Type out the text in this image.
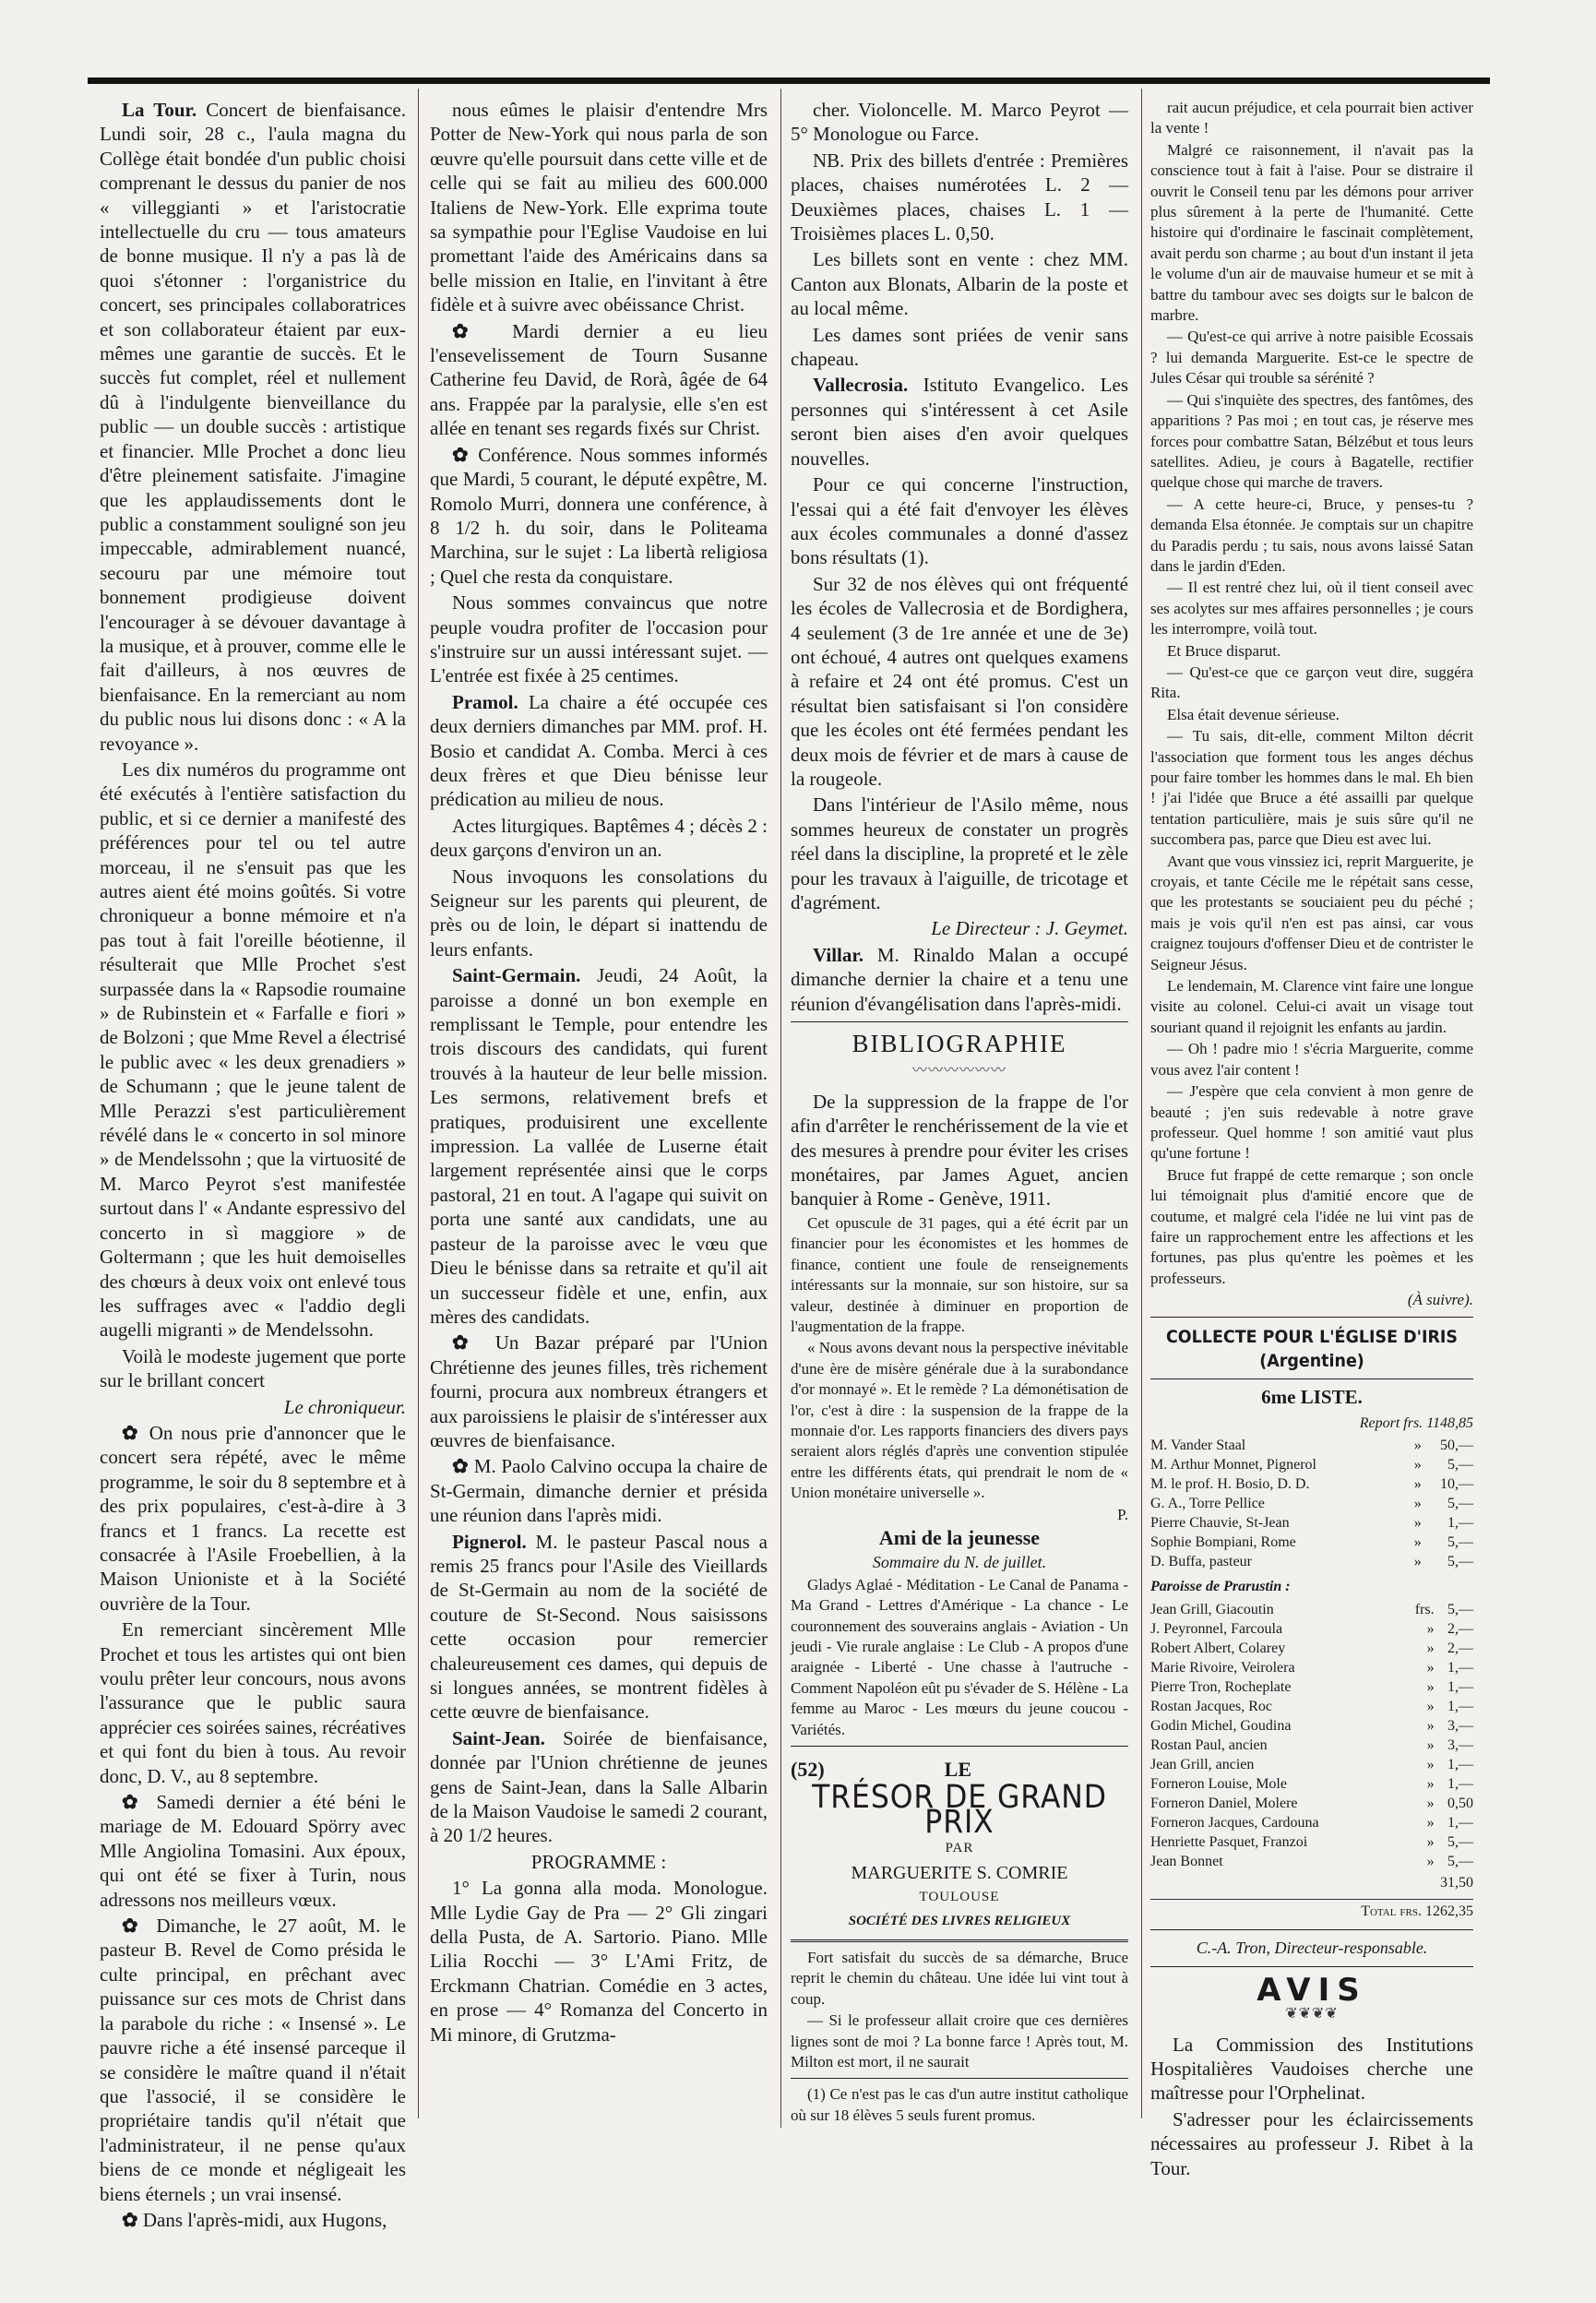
La Tour. Concert de bienfaisance. Lundi soir, 28 c., l'aula magna du Collège était bondée d'un public choisi comprenant le dessus du panier de nos « villeggianti » et l'aristocratie intellectuelle du cru — tous amateurs de bonne musique. Il n'y a pas là de quoi s'étonner : l'organistrice du concert, ses principales collaboratrices et son collaborateur étaient par eux-mêmes une garantie de succès. Et le succès fut complet, réel et nullement dû à l'indulgente bienveillance du public — un double succès : artistique et financier. Mlle Prochet a donc lieu d'être pleinement satisfaite. J'imagine que les applaudissements dont le public a constamment souligné son jeu impeccable, admirablement nuancé, secouru par une mémoire tout bonnement prodigieuse doivent l'encourager à se dévouer davantage à la musique, et à prouver, comme elle le fait d'ailleurs, à nos œuvres de bienfaisance. En la remerciant au nom du public nous lui disons donc : « A la revoyance ».

Les dix numéros du programme ont été exécutés à l'entière satisfaction du public, et si ce dernier a manifesté des préférences pour tel ou tel autre morceau, il ne s'ensuit pas que les autres aient été moins goûtés. Si votre chroniqueur a bonne mémoire et n'a pas tout à fait l'oreille béotienne, il résulterait que Mlle Prochet s'est surpassée dans la « Rapsodie roumaine » de Rubinstein et « Farfalle e fiori » de Bolzoni ; que Mme Revel a électrisé le public avec « les deux grenadiers » de Schumann ; que le jeune talent de Mlle Perazzi s'est particulièrement révélé dans le « concerto in sol minore » de Mendelssohn ; que la virtuosité de M. Marco Peyrot s'est manifestée surtout dans l' « Andante espressivo del concerto in sì maggiore » de Goltermann ; que les huit demoiselles des chœurs à deux voix ont enlevé tous les suffrages avec « l'addio degli augelli migranti » de Mendelssohn.

Voilà le modeste jugement que porte sur le brillant concert

Le chroniqueur.

✿ On nous prie d'annoncer que le concert sera répété, avec le même programme, le soir du 8 septembre et à des prix populaires, c'est-à-dire à 3 francs et 1 francs. La recette est consacrée à l'Asile Froebellien, à la Maison Unioniste et à la Société ouvrière de la Tour.

En remerciant sincèrement Mlle Prochet et tous les artistes qui ont bien voulu prêter leur concours, nous avons l'assurance que le public saura apprécier ces soirées saines, récréatives et qui font du bien à tous. Au revoir donc, D. V., au 8 septembre.

✿ Samedi dernier a été béni le mariage de M. Edouard Spörry avec Mlle Angiolina Tomasini. Aux époux, qui ont été se fixer à Turin, nous adressons nos meilleurs vœux.

✿ Dimanche, le 27 août, M. le pasteur B. Revel de Como présida le culte principal, en prêchant avec puissance sur ces mots de Christ dans la parabole du riche : « Insensé ». Le pauvre riche a été insensé parceque il se considère le maître quand il n'était que l'associé, il se considère le propriétaire tandis qu'il n'était que l'administrateur, il ne pense qu'aux biens de ce monde et négligeait les biens éternels ; un vrai insensé.

✿ Dans l'après-midi, aux Hugons,

nous eûmes le plaisir d'entendre Mrs Potter de New-York qui nous parla de son œuvre qu'elle poursuit dans cette ville et de celle qui se fait au milieu des 600.000 Italiens de New-York. Elle exprima toute sa sympathie pour l'Eglise Vaudoise en lui promettant l'aide des Américains dans sa belle mission en Italie, en l'invitant à être fidèle et à suivre avec obéissance Christ.

✿ Mardi dernier a eu lieu l'ensevelissement de Tourn Susanne Catherine feu David, de Rorà, âgée de 64 ans. Frappée par la paralysie, elle s'en est allée en tenant ses regards fixés sur Christ.

✿ Conférence. Nous sommes informés que Mardi, 5 courant, le député expêtre, M. Romolo Murri, donnera une conférence, à 8 1/2 h. du soir, dans le Politeama Marchina, sur le sujet : La libertà religiosa ; Quel che resta da conquistare.

Nous sommes convaincus que notre peuple voudra profiter de l'occasion pour s'instruire sur un aussi intéressant sujet. — L'entrée est fixée à 25 centimes.

Pramol. La chaire a été occupée ces deux derniers dimanches par MM. prof. H. Bosio et candidat A. Comba. Merci à ces deux frères et que Dieu bénisse leur prédication au milieu de nous.

Actes liturgiques. Baptêmes 4 ; décès 2 : deux garçons d'environ un an.

Nous invoquons les consolations du Seigneur sur les parents qui pleurent, de près ou de loin, le départ si inattendu de leurs enfants.

Saint-Germain. Jeudi, 24 Août, la paroisse a donné un bon exemple en remplissant le Temple, pour entendre les trois discours des candidats, qui furent trouvés à la hauteur de leur belle mission. Les sermons, relativement brefs et pratiques, produisirent une excellente impression. La vallée de Luserne était largement représentée ainsi que le corps pastoral, 21 en tout. A l'agape qui suivit on porta une santé aux candidats, une au pasteur de la paroisse avec le vœu que Dieu le bénisse dans sa retraite et qu'il ait un successeur fidèle et une, enfin, aux mères des candidats.

✿ Un Bazar préparé par l'Union Chrétienne des jeunes filles, très richement fourni, procura aux nombreux étrangers et aux paroissiens le plaisir de s'intéresser aux œuvres de bienfaisance.

✿ M. Paolo Calvino occupa la chaire de St-Germain, dimanche dernier et présida une réunion dans l'après midi.

Pignerol. M. le pasteur Pascal nous a remis 25 francs pour l'Asile des Vieillards de St-Germain au nom de la société de couture de St-Second. Nous saisissons cette occasion pour remercier chaleureusement ces dames, qui depuis de si longues années, se montrent fidèles à cette œuvre de bienfaisance.

Saint-Jean. Soirée de bienfaisance, donnée par l'Union chrétienne de jeunes gens de Saint-Jean, dans la Salle Albarin de la Maison Vaudoise le samedi 2 courant, à 20 1/2 heures.

PROGRAMME :

1° La gonna alla moda. Monologue. Mlle Lydie Gay de Pra — 2° Gli zingari della Pusta, de A. Sartorio. Piano. Mlle Lilia Rocchi — 3° L'Ami Fritz, de Erckmann Chatrian. Comédie en 3 actes, en prose — 4° Romanza del Concerto in Mi minore, di Grutzma-

cher. Violoncelle. M. Marco Peyrot — 5° Monologue ou Farce.

NB. Prix des billets d'entrée : Premières places, chaises numérotées L. 2 — Deuxièmes places, chaises L. 1 — Troisièmes places L. 0,50.

Les billets sont en vente : chez MM. Canton aux Blonats, Albarin de la poste et au local même.

Les dames sont priées de venir sans chapeau.

Vallecrosia. Istituto Evangelico. Les personnes qui s'intéressent à cet Asile seront bien aises d'en avoir quelques nouvelles.

Pour ce qui concerne l'instruction, l'essai qui a été fait d'envoyer les élèves aux écoles communales a donné d'assez bons résultats (1).

Sur 32 de nos élèves qui ont fréquenté les écoles de Vallecrosia et de Bordighera, 4 seulement (3 de 1re année et une de 3e) ont échoué, 4 autres ont quelques examens à refaire et 24 ont été promus. C'est un résultat bien satisfaisant si l'on considère que les écoles ont été fermées pendant les deux mois de février et de mars à cause de la rougeole.

Dans l'intérieur de l'Asilo même, nous sommes heureux de constater un progrès réel dans la discipline, la propreté et le zèle pour les travaux à l'aiguille, de tricotage et d'agrément.

Le Directeur : J. Geymet.

Villar. M. Rinaldo Malan a occupé dimanche dernier la chaire et a tenu une réunion d'évangélisation dans l'après-midi.

BIBLIOGRAPHIE
〰〰〰〰〰〰

De la suppression de la frappe de l'or afin d'arrêter le renchérissement de la vie et des mesures à prendre pour éviter les crises monétaires, par James Aguet, ancien banquier à Rome - Genève, 1911.

Cet opuscule de 31 pages, qui a été écrit par un financier pour les économistes et les hommes de finance, contient une foule de renseignements intéressants sur la monnaie, sur son histoire, sur sa valeur, destinée à diminuer en proportion de l'augmentation de la frappe.

« Nous avons devant nous la perspective inévitable d'une ère de misère générale due à la surabondance d'or monnayé ». Et le remède ? La démonétisation de l'or, c'est à dire : la suspension de la frappe de la monnaie d'or. Les rapports financiers des divers pays seraient alors réglés d'après une convention stipulée entre les différents états, qui prendrait le nom de « Union monétaire universelle ».

P.

Ami de la jeunesse
Sommaire du N. de juillet.

Gladys Aglaé - Méditation - Le Canal de Panama - Ma Grand - Lettres d'Amérique - La chance - Le couronnement des souverains anglais - Aviation - Un jeudi - Vie rurale anglaise : Le Club - A propos d'une araignée - Liberté - Une chasse à l'autruche - Comment Napoléon eût pu s'évader de S. Hélène - La femme au Maroc - Les mœurs du jeune coucou - Variétés.

(52)	LE
TRÉSOR DE GRAND PRIX
PAR
MARGUERITE S. COMRIE
TOULOUSE
SOCIÉTÉ DES LIVRES RELIGIEUX

Fort satisfait du succès de sa démarche, Bruce reprit le chemin du château. Une idée lui vint tout à coup.

— Si le professeur allait croire que ces dernières lignes sont de moi ? La bonne farce ! Après tout, M. Milton est mort, il ne saurait

(1) Ce n'est pas le cas d'un autre institut catholique où sur 18 élèves 5 seuls furent promus.

rait aucun préjudice, et cela pourrait bien activer la vente !

Malgré ce raisonnement, il n'avait pas la conscience tout à fait à l'aise. Pour se distraire il ouvrit le Conseil tenu par les démons pour arriver plus sûrement à la perte de l'humanité. Cette histoire qui d'ordinaire le fascinait complètement, avait perdu son charme ; au bout d'un instant il jeta le volume d'un air de mauvaise humeur et se mit à battre du tambour avec ses doigts sur le balcon de marbre.

— Qu'est-ce qui arrive à notre paisible Ecossais ? lui demanda Marguerite. Est-ce le spectre de Jules César qui trouble sa sérénité ?

— Qui s'inquiète des spectres, des fantômes, des apparitions ? Pas moi ; en tout cas, je réserve mes forces pour combattre Satan, Bélzébut et tous leurs satellites. Adieu, je cours à Bagatelle, rectifier quelque chose qui marche de travers.

— A cette heure-ci, Bruce, y penses-tu ? demanda Elsa étonnée. Je comptais sur un chapitre du Paradis perdu ; tu sais, nous avons laissé Satan dans le jardin d'Eden.

— Il est rentré chez lui, où il tient conseil avec ses acolytes sur mes affaires personnelles ; je cours les interrompre, voilà tout.

Et Bruce disparut.

— Qu'est-ce que ce garçon veut dire, suggéra Rita.

Elsa était devenue sérieuse.

— Tu sais, dit-elle, comment Milton décrit l'association que forment tous les anges déchus pour faire tomber les hommes dans le mal. Eh bien ! j'ai l'idée que Bruce a été assailli par quelque tentation particulière, mais je suis sûre qu'il ne succombera pas, parce que Dieu est avec lui.

Avant que vous vinssiez ici, reprit Marguerite, je croyais, et tante Cécile me le répétait sans cesse, que les protestants se souciaient peu du péché ; mais je vois qu'il n'en est pas ainsi, car vous craignez toujours d'offenser Dieu et de contrister le Seigneur Jésus.

Le lendemain, M. Clarence vint faire une longue visite au colonel. Celui-ci avait un visage tout souriant quand il rejoignit les enfants au jardin.

— Oh ! padre mio ! s'écria Marguerite, comme vous avez l'air content !

— J'espère que cela convient à mon genre de beauté ; j'en suis redevable à notre grave professeur. Quel homme ! son amitié vaut plus qu'une fortune !

Bruce fut frappé de cette remarque ; son oncle lui témoignait plus d'amitié encore que de coutume, et malgré cela l'idée ne lui vint pas de faire un rapprochement entre les affections et les fortunes, pas plus qu'entre les poèmes et les professeurs.

(À suivre).

COLLECTE POUR L'ÉGLISE D'IRIS (Argentine)
6me LISTE.
Report frs. 1148,85
M. Vander Staal	»	50,—
M. Arthur Monnet, Pignerol	»	5,—
M. le prof. H. Bosio, D. D.	»	10,—
G. A., Torre Pellice	»	5,—
Pierre Chauvie, St-Jean	»	1,—
Sophie Bompiani, Rome	»	5,—
D. Buffa, pasteur	»	5,—
Paroisse de Prarustin :
Jean Grill, Giacoutin	frs.	5,—
J. Peyronnel, Farcoula	»	2,—
Robert Albert, Colarey	»	2,—
Marie Rivoire, Veirolera	»	1,—
Pierre Tron, Rocheplate	»	1,—
Rostan Jacques, Roc	»	1,—
Godin Michel, Goudina	»	3,—
Rostan Paul, ancien	»	3,—
Jean Grill, ancien	»	1,—
Forneron Louise, Mole	»	1,—
Forneron Daniel, Molere	»	0,50
Forneron Jacques, Cardouna	»	1,—
Henriette Pasquet, Franzoi	»	5,—
Jean Bonnet	»	5,—
31,50
Total frs. 1262,35
C.-A. Tron, Directeur-responsable.
AVIS
❦❦❦❦

La Commission des Institutions Hospitalières Vaudoises cherche une maîtresse pour l'Orphelinat.

S'adresser pour les éclaircissements nécessaires au professeur J. Ribet à la Tour.
